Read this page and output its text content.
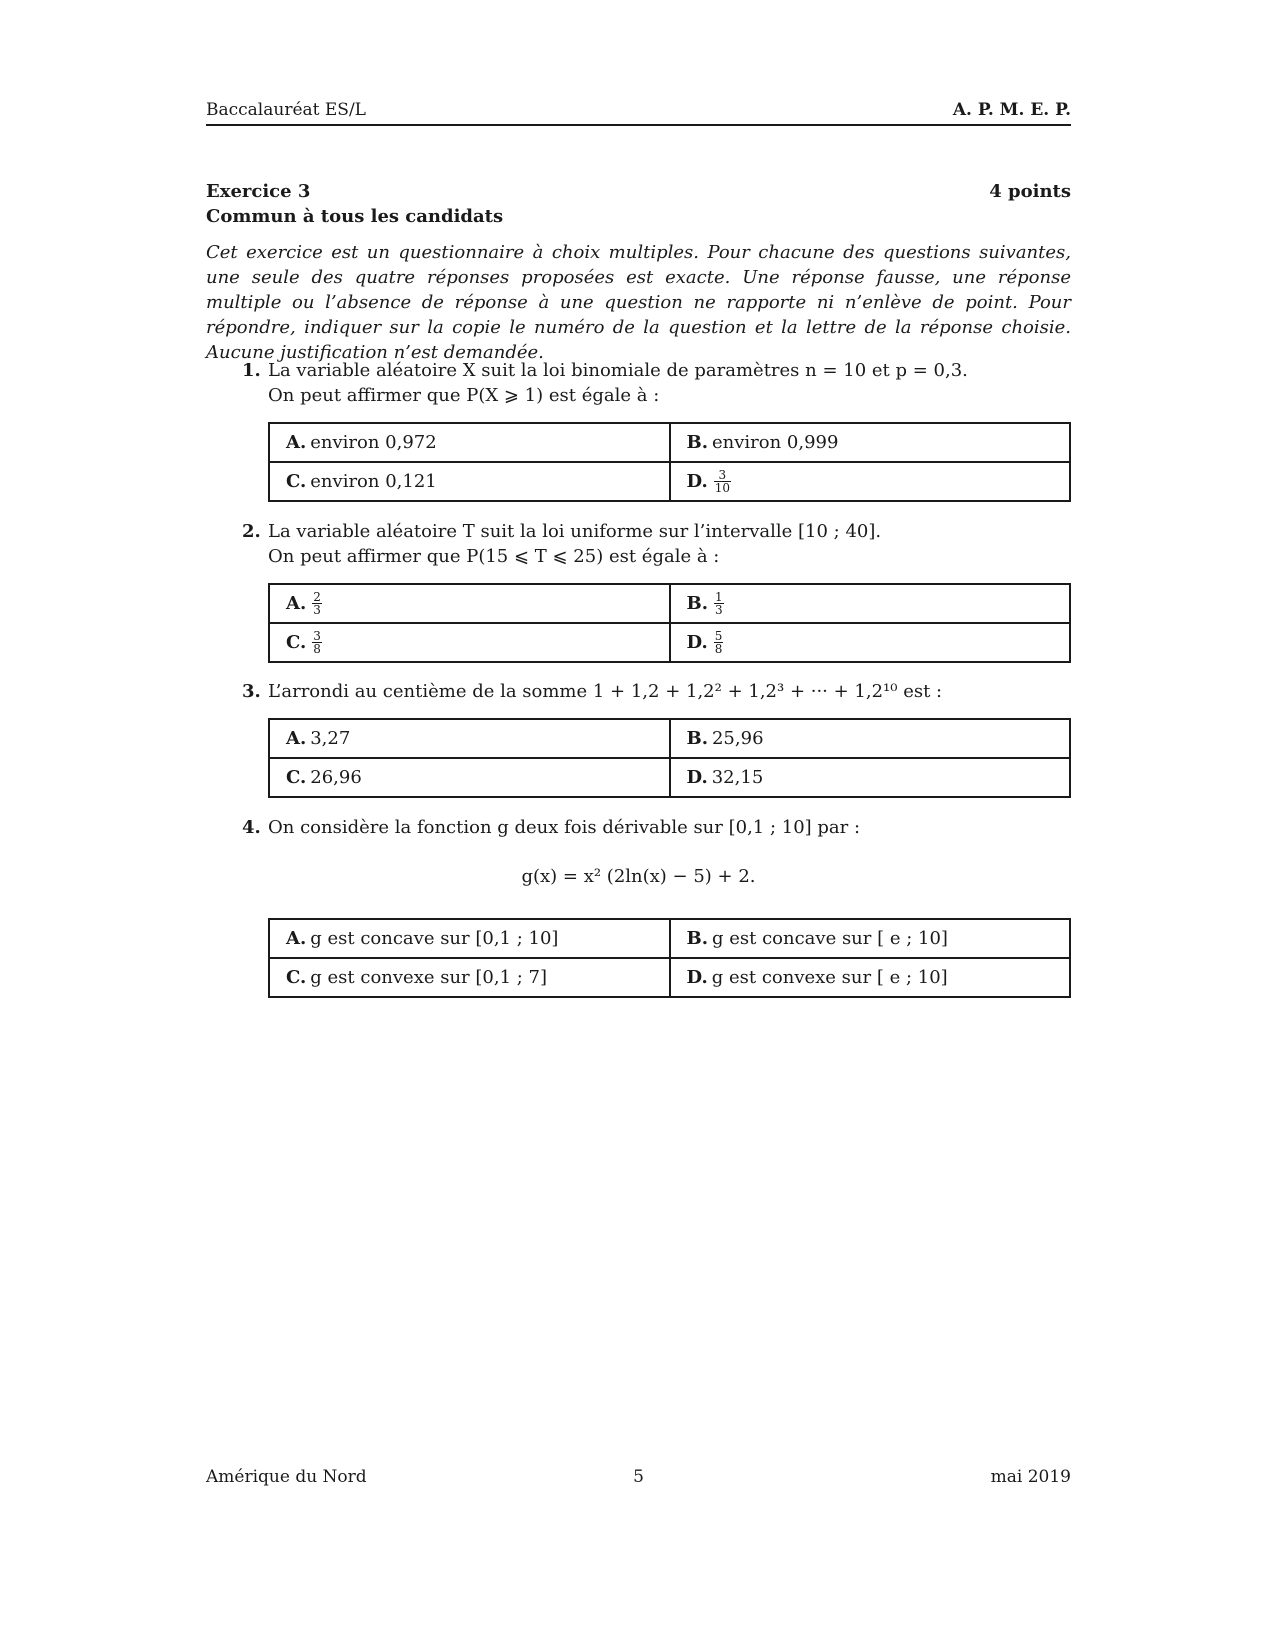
Baccalauréat ES/L	A. P. M. E. P.
Exercice 3	4 points
Commun à tous les candidats
Cet exercice est un questionnaire à choix multiples. Pour chacune des questions suivantes, une seule des quatre réponses proposées est exacte. Une réponse fausse, une réponse multiple ou l’absence de réponse à une question ne rapporte ni n’enlève de point. Pour répondre, indiquer sur la copie le numéro de la question et la lettre de la réponse choisie. Aucune justification n’est demandée.
1. La variable aléatoire X suit la loi binomiale de paramètres n = 10 et p = 0,3.
On peut affirmer que P(X ⩾ 1) est égale à :
A. environ 0,972	B. environ 0,999
C. environ 0,121	D. $\frac{3}{10}$
2. La variable aléatoire T suit la loi uniforme sur l’intervalle [10 ; 40].
On peut affirmer que P(15 ⩽ T ⩽ 25) est égale à :
A. $\frac{2}{3}$	B. $\frac{1}{3}$

C. $\frac{3}{8}$	D. $\frac{5}{8}$
3. L’arrondi au centième de la somme 1 + 1,2 + 1,2² + 1,2³ + ··· + 1,2¹⁰ est :
A. 3,27	B. 25,96
C. 26,96	D. 32,15
4. On considère la fonction g deux fois dérivable sur [0,1 ; 10] par :
g(x) = x² (2ln(x) − 5) + 2.
A. g est concave sur [0,1 ; 10]	B. g est concave sur [ e ; 10]
C. g est convexe sur [0,1 ; 7]	D. g est convexe sur [ e ; 10]
Amérique du Nord	5	mai 2019
